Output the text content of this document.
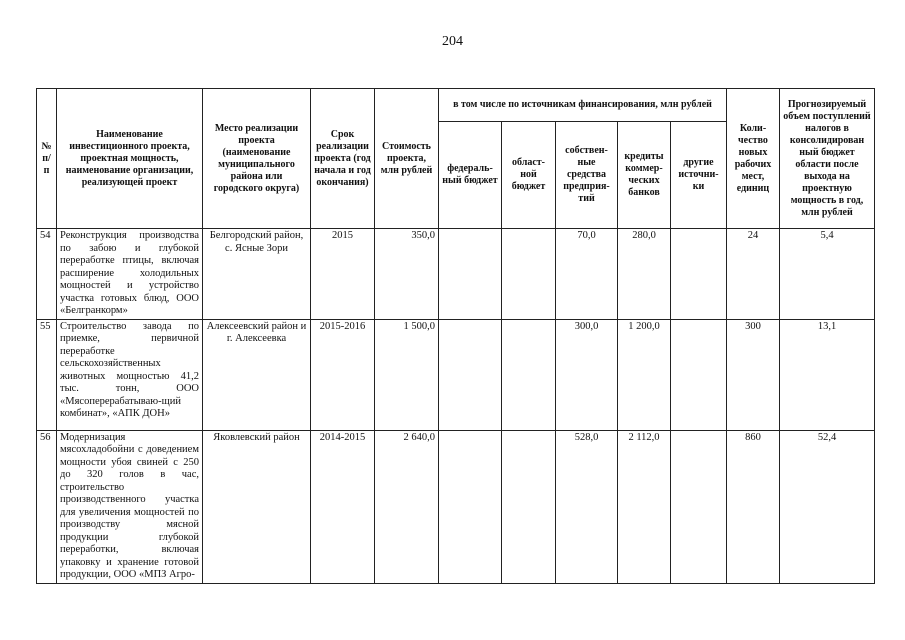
204
№ п/п	Наименование инвестиционного проекта, проектная мощность, наименование организации, реализующей проект	Место реализации проекта (наименование муниципального района или городского округа)	Срок реализации проекта (год начала и год окончания)	Стоимость проекта, млн рублей	в том числе по источникам финансирования, млн рублей					Коли-чество новых рабочих мест, единиц	Прогнозируемый объем поступлений налогов в консолидирован ный бюджет области после выхода на проектную мощность в год, млн рублей
					федераль-ный бюджет	област-ной бюджет	собствен-ные средства предприя-тий	кредиты коммер-ческих банков	другие источни-ки		
54	Реконструкция производства по забою и глубокой переработке птицы, включая расширение холодильных мощностей и устройство участка готовых блюд, ООО «Белгранкорм»	Белгородский район, с. Ясные Зори	2015	350,0			70,0	280,0		24	5,4
55	Строительство завода по приемке, первичной переработке сельскохозяйственных животных мощностью 41,2 тыс. тонн, ООО «Мясоперерабатываю-щий комбинат», «АПК ДОН»	Алексеевский район и г. Алексеевка	2015-2016	1 500,0			300,0	1 200,0		300	13,1
56	Модернизация мясохладобойни с доведением мощности убоя свиней с 250 до 320 голов в час, строительство производственного участка для увеличения мощностей по производству мясной продукции глубокой переработки, включая упаковку и хранение готовой продукции, ООО «МПЗ Агро-	Яковлевский район	2014-2015	2 640,0			528,0	2 112,0		860	52,4
